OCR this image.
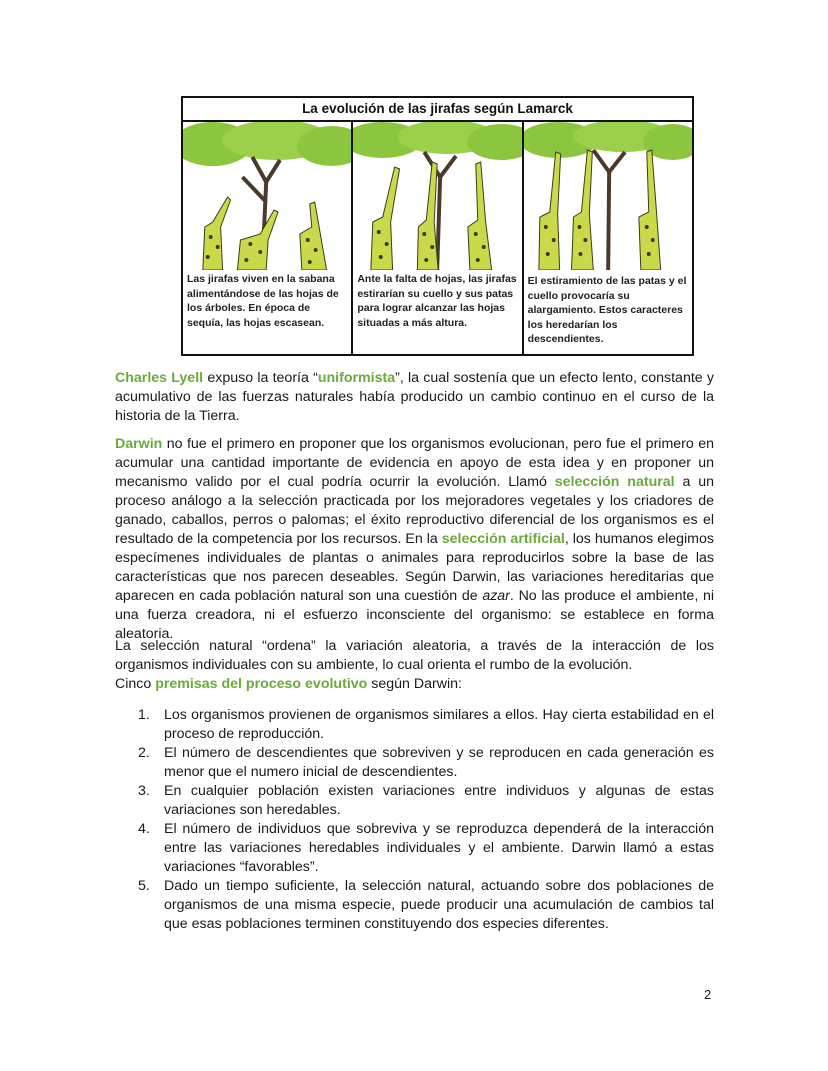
La evolución de las jirafas según Lamarck
Las jirafas viven en la sabana alimentándose de las hojas de los árboles. En época de sequía, las hojas escasean.
Ante la falta de hojas, las jirafas estirarían su cuello y sus patas para lograr alcanzar las hojas situadas a más altura.
El estiramiento de las patas y el cuello provocaría su alargamiento. Estos caracteres los heredarían los descendientes.
Charles Lyell expuso la teoría “uniformista”, la cual sostenía que un efecto lento, constante y acumulativo de las fuerzas naturales había producido un cambio continuo en el curso de la historia de la Tierra.
Darwin no fue el primero en proponer que los organismos evolucionan, pero fue el primero en acumular una cantidad importante de evidencia en apoyo de esta idea y en proponer un mecanismo valido por el cual podría ocurrir la evolución. Llamó selección natural a un proceso análogo a la selección practicada por los mejoradores vegetales y los criadores de ganado, caballos, perros o palomas; el éxito reproductivo diferencial de los organismos es el resultado de la competencia por los recursos. En la selección artificial, los humanos elegimos especímenes individuales de plantas o animales para reproducirlos sobre la base de las características que nos parecen deseables. Según Darwin, las variaciones hereditarias que aparecen en cada población natural son una cuestión de azar. No las produce el ambiente, ni una fuerza creadora, ni el esfuerzo inconsciente del organismo: se establece en forma aleatoria.
La selección natural “ordena” la variación aleatoria, a través de la interacción de los organismos individuales con su ambiente, lo cual orienta el rumbo de la evolución.
Cinco premisas del proceso evolutivo según Darwin:
1. Los organismos provienen de organismos similares a ellos. Hay cierta estabilidad en el proceso de reproducción.
2. El número de descendientes que sobreviven y se reproducen en cada generación es menor que el numero inicial de descendientes.
3. En cualquier población existen variaciones entre individuos y algunas de estas variaciones son heredables.
4. El número de individuos que sobreviva y se reproduzca dependerá de la interacción entre las variaciones heredables individuales y el ambiente. Darwin llamó a estas variaciones “favorables”.
5. Dado un tiempo suficiente, la selección natural, actuando sobre dos poblaciones de organismos de una misma especie, puede producir una acumulación de cambios tal que esas poblaciones terminen constituyendo dos especies diferentes.
2
